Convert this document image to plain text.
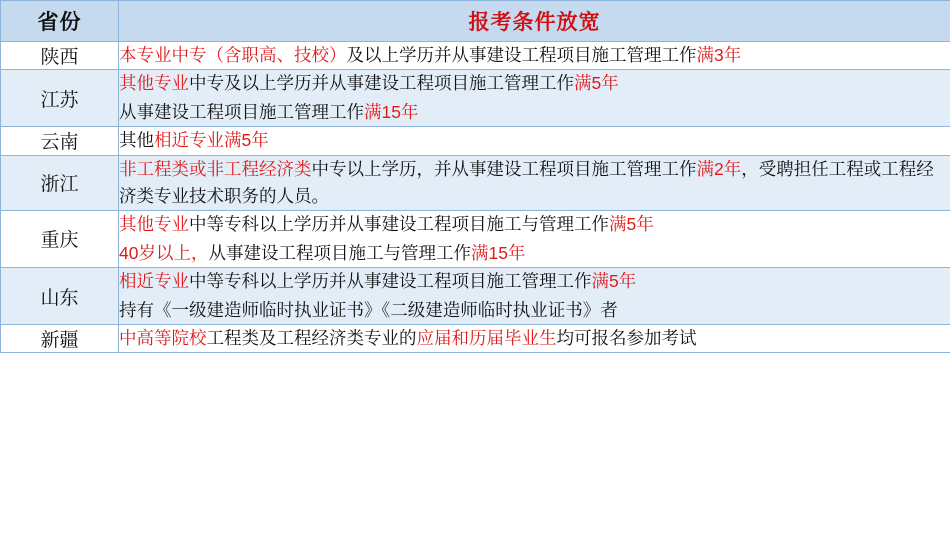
省份	报考条件放宽
陕西	本专业中专（含职高、技校）及以上学历并从事建设工程项目施工管理工作满3年

江苏	其他专业中专及以上学历并从事建设工程项目施工管理工作满5年
从事建设工程项目施工管理工作满15年

云南	其他相近专业满5年

浙江	非工程类或非工程经济类中专以上学历，并从事建设工程项目施工管理工作满2年，受聘担任工程或工程经济类专业技术职务的人员。

重庆	其他专业中等专科以上学历并从事建设工程项目施工与管理工作满5年
40岁以上，从事建设工程项目施工与管理工作满15年

山东	相近专业中等专科以上学历并从事建设工程项目施工管理工作满5年
持有《一级建造师临时执业证书》《二级建造师临时执业证书》者

新疆	中高等院校工程类及工程经济类专业的应届和历届毕业生均可报名参加考试
